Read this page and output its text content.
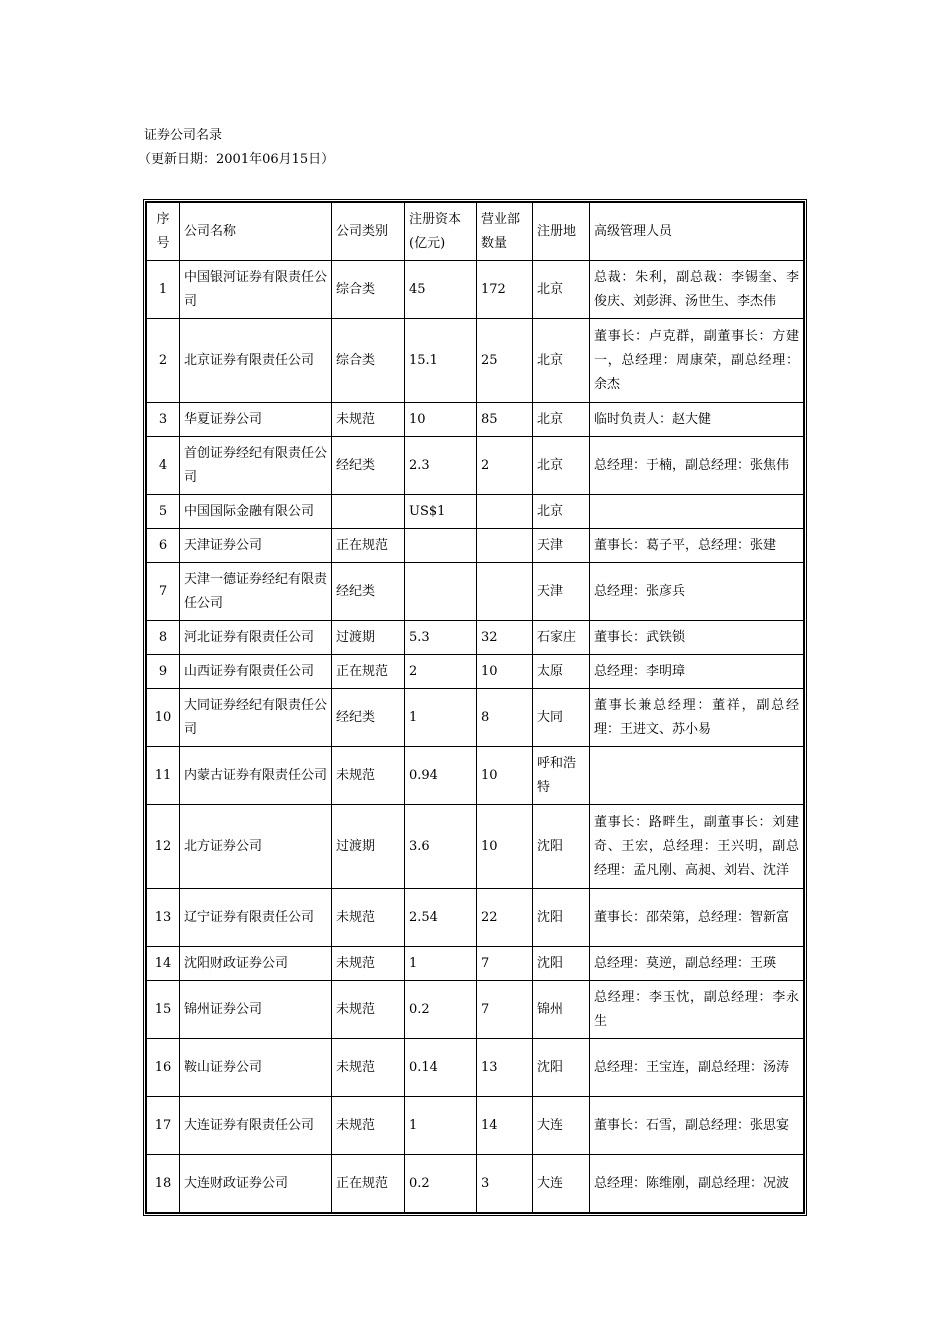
证券公司名录
（更新日期：2001年06月15日）
序号	公司名称	公司类别	注册资本(亿元)	营业部数量	注册地	高级管理人员
1	中国银河证券有限责任公司	综合类	45	172	北京	总裁：朱利，副总裁：李锡奎、李俊庆、刘彭湃、汤世生、李杰伟
2	北京证券有限责任公司	综合类	15.1	25	北京	董事长：卢克群，副董事长：方建一，总经理：周康荣，副总经理：余杰
3	华夏证券公司	未规范	10	85	北京	临时负责人：赵大健
4	首创证券经纪有限责任公司	经纪类	2.3	2	北京	总经理：于楠，副总经理：张焦伟
5	中国国际金融有限公司		US$1		北京	
6	天津证券公司	正在规范			天津	董事长：葛子平，总经理：张建
7	天津一德证券经纪有限责任公司	经纪类			天津	总经理：张彦兵
8	河北证券有限责任公司	过渡期	5.3	32	石家庄	董事长：武铁锁
9	山西证券有限责任公司	正在规范	2	10	太原	总经理：李明璋
10	大同证券经纪有限责任公司	经纪类	1	8	大同	董事长兼总经理：董祥，副总经理：王进文、苏小易
11	内蒙古证券有限责任公司	未规范	0.94	10	呼和浩特	
12	北方证券公司	过渡期	3.6	10	沈阳	董事长：路畔生，副董事长：刘建奇、王宏，总经理：王兴明，副总经理：孟凡刚、高昶、刘岩、沈洋
13	辽宁证券有限责任公司	未规范	2.54	22	沈阳	董事长：邵荣第，总经理：智新富
14	沈阳财政证券公司	未规范	1	7	沈阳	总经理：莫逆，副总经理：王瑛
15	锦州证券公司	未规范	0.2	7	锦州	总经理：李玉忱，副总经理：李永生
16	鞍山证券公司	未规范	0.14	13	沈阳	总经理：王宝连，副总经理：汤涛
17	大连证券有限责任公司	未规范	1	14	大连	董事长：石雪，副总经理：张思宴
18	大连财政证券公司	正在规范	0.2	3	大连	总经理：陈维刚，副总经理：况波
